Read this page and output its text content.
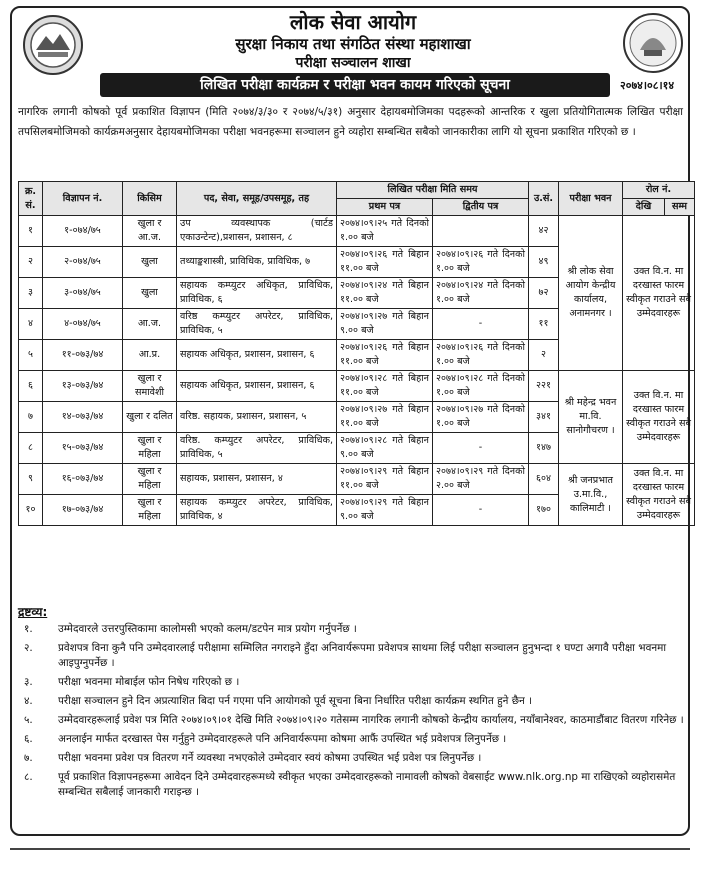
लोक सेवा आयोग
सुरक्षा निकाय तथा संगठित संस्था महाशाखा
परीक्षा सञ्चालन शाखा
लिखित परीक्षा कार्यक्रम र परीक्षा भवन कायम गरिएको सूचना	२०७४।०८।१४
नागरिक लगानी कोषको पूर्व प्रकाशित विज्ञापन (मिति २०७४/३/३० र २०७४/५/३१) अनुसार देहायबमोजिमका पदहरूको आन्तरिक र खुला प्रतियोगितात्मक लिखित परीक्षा तपसिलबमोजिमको कार्यक्रमअनुसार देहायबमोजिमका परीक्षा भवनहरूमा सञ्चालन हुने व्यहोरा सम्बन्धित सबैको जानकारीका लागि यो सूचना प्रकाशित गरिएको छ ।
क्र. सं.	विज्ञापन नं.	किसिम	पद, सेवा, समूह/उपसमूह, तह	लिखित परीक्षा मिति समय		उ.सं.	परीक्षा भवन	रोल नं.	
				प्रथम पत्र	द्वितीय पत्र			देखि	सम्म
१	१-०७४/७५	खुला र आ.ज.	उप व्यवस्थापक (चार्टड एकाउन्टेन्ट),प्रशासन, प्रशासन, ८	२०७४।०९।२५ गते दिनको १.०० बजे		४२	श्री लोक सेवा आयोग केन्द्रीय कार्यालय, अनामनगर ।	उक्त वि.न. मा दरखास्त फारम स्वीकृत गराउने सबै उम्मेदवारहरू	
२	२-०७४/७५	खुला	तथ्याङ्कशास्त्री, प्राविधिक, प्राविधिक, ७	२०७४।०९।२६ गते बिहान ११.०० बजे	२०७४।०९।२६ गते दिनको १.०० बजे	४९			
३	३-०७४/७५	खुला	सहायक कम्प्युटर अधिकृत, प्राविधिक, प्राविधिक, ६	२०७४।०९।२४ गते बिहान ११.०० बजे	२०७४।०९।२४ गते दिनको १.०० बजे	७२			
४	४-०७४/७५	आ.ज.	वरिष्ठ कम्प्युटर अपरेटर, प्राविधिक, प्राविधिक, ५	२०७४।०९।२७ गते बिहान ९.०० बजे	-	११			
५	११-०७३/७४	आ.प्र.	सहायक अधिकृत, प्रशासन, प्रशासन, ६	२०७४।०९।२६ गते बिहान ११.०० बजे	२०७४।०९।२६ गते दिनको १.०० बजे	२			
६	१३-०७३/७४	खुला र समावेशी	सहायक अधिकृत, प्रशासन, प्रशासन, ६	२०७४।०९।२८ गते बिहान ११.०० बजे	२०७४।०९।२८ गते दिनको १.०० बजे	२२१	श्री महेन्द्र भवन मा.वि. सानोगौचरण ।	उक्त वि.न. मा दरखास्त फारम स्वीकृत गराउने सबै उम्मेदवारहरू	
७	१४-०७३/७४	खुला र दलित	वरिष्ठ. सहायक, प्रशासन, प्रशासन, ५	२०७४।०९।२७ गते बिहान ११.०० बजे	२०७४।०९।२७ गते दिनको १.०० बजे	३४१			
८	१५-०७३/७४	खुला र महिला	वरिष्ठ. कम्प्युटर अपरेटर, प्राविधिक, प्राविधिक, ५	२०७४।०९।२८ गते बिहान ९.०० बजे	-	१४७			
९	१६-०७३/७४	खुला र महिला	सहायक, प्रशासन, प्रशासन, ४	२०७४।०९।२९ गते बिहान ११.०० बजे	२०७४।०९।२९ गते दिनको २.०० बजे	६०४	श्री जनप्रभात उ.मा.वि., कालिमाटी ।	उक्त वि.न. मा दरखास्त फारम स्वीकृत गराउने सबै उम्मेदवारहरू	
१०	१७-०७३/७४	खुला र महिला	सहायक कम्प्युटर अपरेटर, प्राविधिक, प्राविधिक, ४	२०७४।०९।२९ गते बिहान ९.०० बजे	-	१७०			
द्रष्टव्य:
१.	उम्मेदवारले उत्तरपुस्तिकामा कालोमसी भएको कलम/डटपेन मात्र प्रयोग गर्नुपर्नेछ ।
२.	प्रवेशपत्र विना कुनै पनि उम्मेदवारलाई परीक्षामा सम्मिलित नगराइने हुँदा अनिवार्यरूपमा प्रवेशपत्र साथमा लिई परीक्षा सञ्चालन हुनुभन्दा १ घण्टा अगावै परीक्षा भवनमा आइपुग्नुपर्नेछ ।
३.	परीक्षा भवनमा मोबाईल फोन निषेध गरिएको छ ।
४.	परीक्षा सञ्चालन हुने दिन अप्रत्याशित बिदा पर्न गएमा पनि आयोगको पूर्व सूचना बिना निर्धारित परीक्षा कार्यक्रम स्थगित हुने छैन ।
५.	उम्मेदवारहरूलाई प्रवेश पत्र मिति २०७४।०९।०१ देखि मिति २०७४।०९।२० गतेसम्म नागरिक लगानी कोषको केन्द्रीय कार्यालय, नयाँबानेश्वर, काठमाडौंबाट वितरण गरिनेछ ।
६.	अनलाईन मार्फत दरखास्त पेस गर्नुहुने उम्मेदवारहरूले पनि अनिवार्यरूपमा कोषमा आफैं उपस्थित भई प्रवेशपत्र लिनुपर्नेछ ।
७.	परीक्षा भवनमा प्रवेश पत्र वितरण गर्ने व्यवस्था नभएकोले उम्मेदवार स्वयं कोषमा उपस्थित भई प्रवेश पत्र लिनुपर्नेछ ।
८.	पूर्व प्रकाशित विज्ञापनहरूमा आवेदन दिने उम्मेदवारहरूमध्ये स्वीकृत भएका उम्मेदवारहरूको नामावली कोषको वेबसाईट www.nlk.org.np मा राखिएको व्यहोरासमेत सम्बन्धित सबैलाई जानकारी गराइन्छ ।
